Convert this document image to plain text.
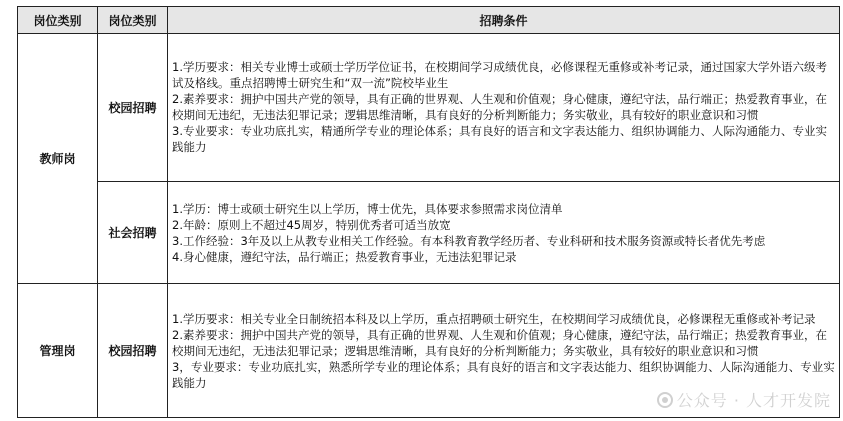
岗位类别	岗位类别	招聘条件
教师岗	校园招聘	1.学历要求：相关专业博士或硕士学历学位证书，在校期间学习成绩优良，必修课程无重修或补考记录，通过国家大学外语六级考试及格线。重点招聘博士研究生和“双一流”院校毕业生
2.素养要求：拥护中国共产党的领导，具有正确的世界观、人生观和价值观；身心健康，遵纪守法，品行端正；热爱教育事业，在校期间无违纪，无违法犯罪记录；逻辑思维清晰，具有良好的分析判断能力；务实敬业，具有较好的职业意识和习惯
3.专业要求：专业功底扎实，精通所学专业的理论体系；具有良好的语言和文字表达能力、组织协调能力、人际沟通能力、专业实践能力

	社会招聘	1.学历：博士或硕士研究生以上学历，博士优先，具体要求参照需求岗位清单
2.年龄：原则上不超过45周岁，特别优秀者可适当放宽
3.工作经验：3年及以上从教专业相关工作经验。有本科教育教学经历者、专业科研和技术服务资源或特长者优先考虑
4.身心健康，遵纪守法，品行端正；热爱教育事业，无违法犯罪记录

管理岗	校园招聘	1.学历要求：相关专业全日制统招本科及以上学历，重点招聘硕士研究生，在校期间学习成绩优良，必修课程无重修或补考记录
2.素养要求：拥护中国共产党的领导，具有正确的世界观、人生观和价值观；身心健康，遵纪守法，品行端正；热爱教育事业，在校期间无违纪，无违法犯罪记录；逻辑思维清晰，具有良好的分析判断能力；务实敬业，具有较好的职业意识和习惯
3，专业要求：专业功底扎实，熟悉所学专业的理论体系；具有良好的语言和文字表达能力、组织协调能力、人际沟通能力、专业实践能力
公众号 · 人才开发院
